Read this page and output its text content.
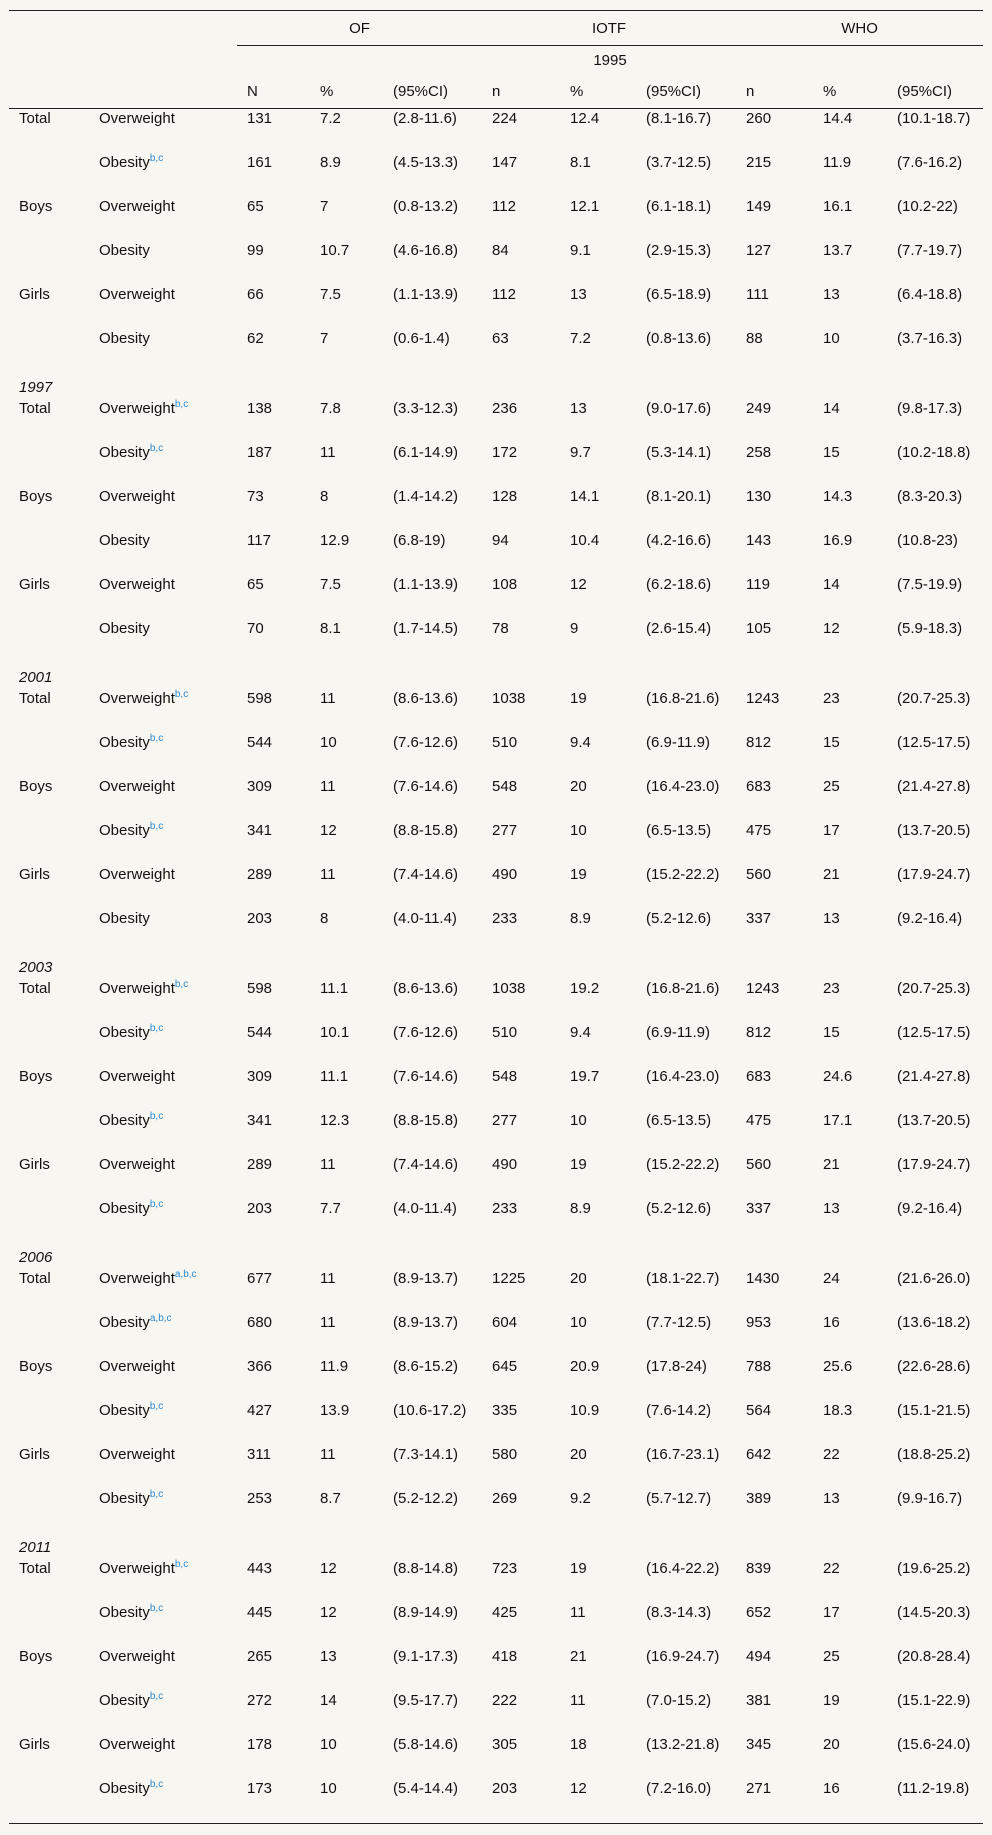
		OF			IOTF			WHO		
		1995								
		N	%	(95%CI)	n	%	(95%CI)	n	%	(95%CI)
Total	Overweight	131	7.2	(2.8-11.6)	224	12.4	(8.1-16.7)	260	14.4	(10.1-18.7)
	Obesity$^{b,c}$	161	8.9	(4.5-13.3)	147	8.1	(3.7-12.5)	215	11.9	(7.6-16.2)
Boys	Overweight	65	7	(0.8-13.2)	112	12.1	(6.1-18.1)	149	16.1	(10.2-22)
	Obesity	99	10.7	(4.6-16.8)	84	9.1	(2.9-15.3)	127	13.7	(7.7-19.7)
Girls	Overweight	66	7.5	(1.1-13.9)	112	13	(6.5-18.9)	111	13	(6.4-18.8)
	Obesity	62	7	(0.6-1.4)	63	7.2	(0.8-13.6)	88	10	(3.7-16.3)
1997										
Total	Overweight$^{b,c}$	138	7.8	(3.3-12.3)	236	13	(9.0-17.6)	249	14	(9.8-17.3)
	Obesity$^{b,c}$	187	11	(6.1-14.9)	172	9.7	(5.3-14.1)	258	15	(10.2-18.8)
Boys	Overweight	73	8	(1.4-14.2)	128	14.1	(8.1-20.1)	130	14.3	(8.3-20.3)
	Obesity	117	12.9	(6.8-19)	94	10.4	(4.2-16.6)	143	16.9	(10.8-23)
Girls	Overweight	65	7.5	(1.1-13.9)	108	12	(6.2-18.6)	119	14	(7.5-19.9)
	Obesity	70	8.1	(1.7-14.5)	78	9	(2.6-15.4)	105	12	(5.9-18.3)
2001										
Total	Overweight$^{b,c}$	598	11	(8.6-13.6)	1038	19	(16.8-21.6)	1243	23	(20.7-25.3)
	Obesity$^{b,c}$	544	10	(7.6-12.6)	510	9.4	(6.9-11.9)	812	15	(12.5-17.5)
Boys	Overweight	309	11	(7.6-14.6)	548	20	(16.4-23.0)	683	25	(21.4-27.8)
	Obesity$^{b,c}$	341	12	(8.8-15.8)	277	10	(6.5-13.5)	475	17	(13.7-20.5)
Girls	Overweight	289	11	(7.4-14.6)	490	19	(15.2-22.2)	560	21	(17.9-24.7)
	Obesity	203	8	(4.0-11.4)	233	8.9	(5.2-12.6)	337	13	(9.2-16.4)
2003										
Total	Overweight$^{b,c}$	598	11.1	(8.6-13.6)	1038	19.2	(16.8-21.6)	1243	23	(20.7-25.3)
	Obesity$^{b,c}$	544	10.1	(7.6-12.6)	510	9.4	(6.9-11.9)	812	15	(12.5-17.5)
Boys	Overweight	309	11.1	(7.6-14.6)	548	19.7	(16.4-23.0)	683	24.6	(21.4-27.8)
	Obesity$^{b,c}$	341	12.3	(8.8-15.8)	277	10	(6.5-13.5)	475	17.1	(13.7-20.5)
Girls	Overweight	289	11	(7.4-14.6)	490	19	(15.2-22.2)	560	21	(17.9-24.7)
	Obesity$^{b,c}$	203	7.7	(4.0-11.4)	233	8.9	(5.2-12.6)	337	13	(9.2-16.4)
2006										
Total	Overweight$^{a,b,c}$	677	11	(8.9-13.7)	1225	20	(18.1-22.7)	1430	24	(21.6-26.0)
	Obesity$^{a,b,c}$	680	11	(8.9-13.7)	604	10	(7.7-12.5)	953	16	(13.6-18.2)
Boys	Overweight	366	11.9	(8.6-15.2)	645	20.9	(17.8-24)	788	25.6	(22.6-28.6)
	Obesity$^{b,c}$	427	13.9	(10.6-17.2)	335	10.9	(7.6-14.2)	564	18.3	(15.1-21.5)
Girls	Overweight	311	11	(7.3-14.1)	580	20	(16.7-23.1)	642	22	(18.8-25.2)
	Obesity$^{b,c}$	253	8.7	(5.2-12.2)	269	9.2	(5.7-12.7)	389	13	(9.9-16.7)
2011										
Total	Overweight$^{b,c}$	443	12	(8.8-14.8)	723	19	(16.4-22.2)	839	22	(19.6-25.2)
	Obesity$^{b,c}$	445	12	(8.9-14.9)	425	11	(8.3-14.3)	652	17	(14.5-20.3)
Boys	Overweight	265	13	(9.1-17.3)	418	21	(16.9-24.7)	494	25	(20.8-28.4)
	Obesity$^{b,c}$	272	14	(9.5-17.7)	222	11	(7.0-15.2)	381	19	(15.1-22.9)
Girls	Overweight	178	10	(5.8-14.6)	305	18	(13.2-21.8)	345	20	(15.6-24.0)
	Obesity$^{b,c}$	173	10	(5.4-14.4)	203	12	(7.2-16.0)	271	16	(11.2-19.8)
